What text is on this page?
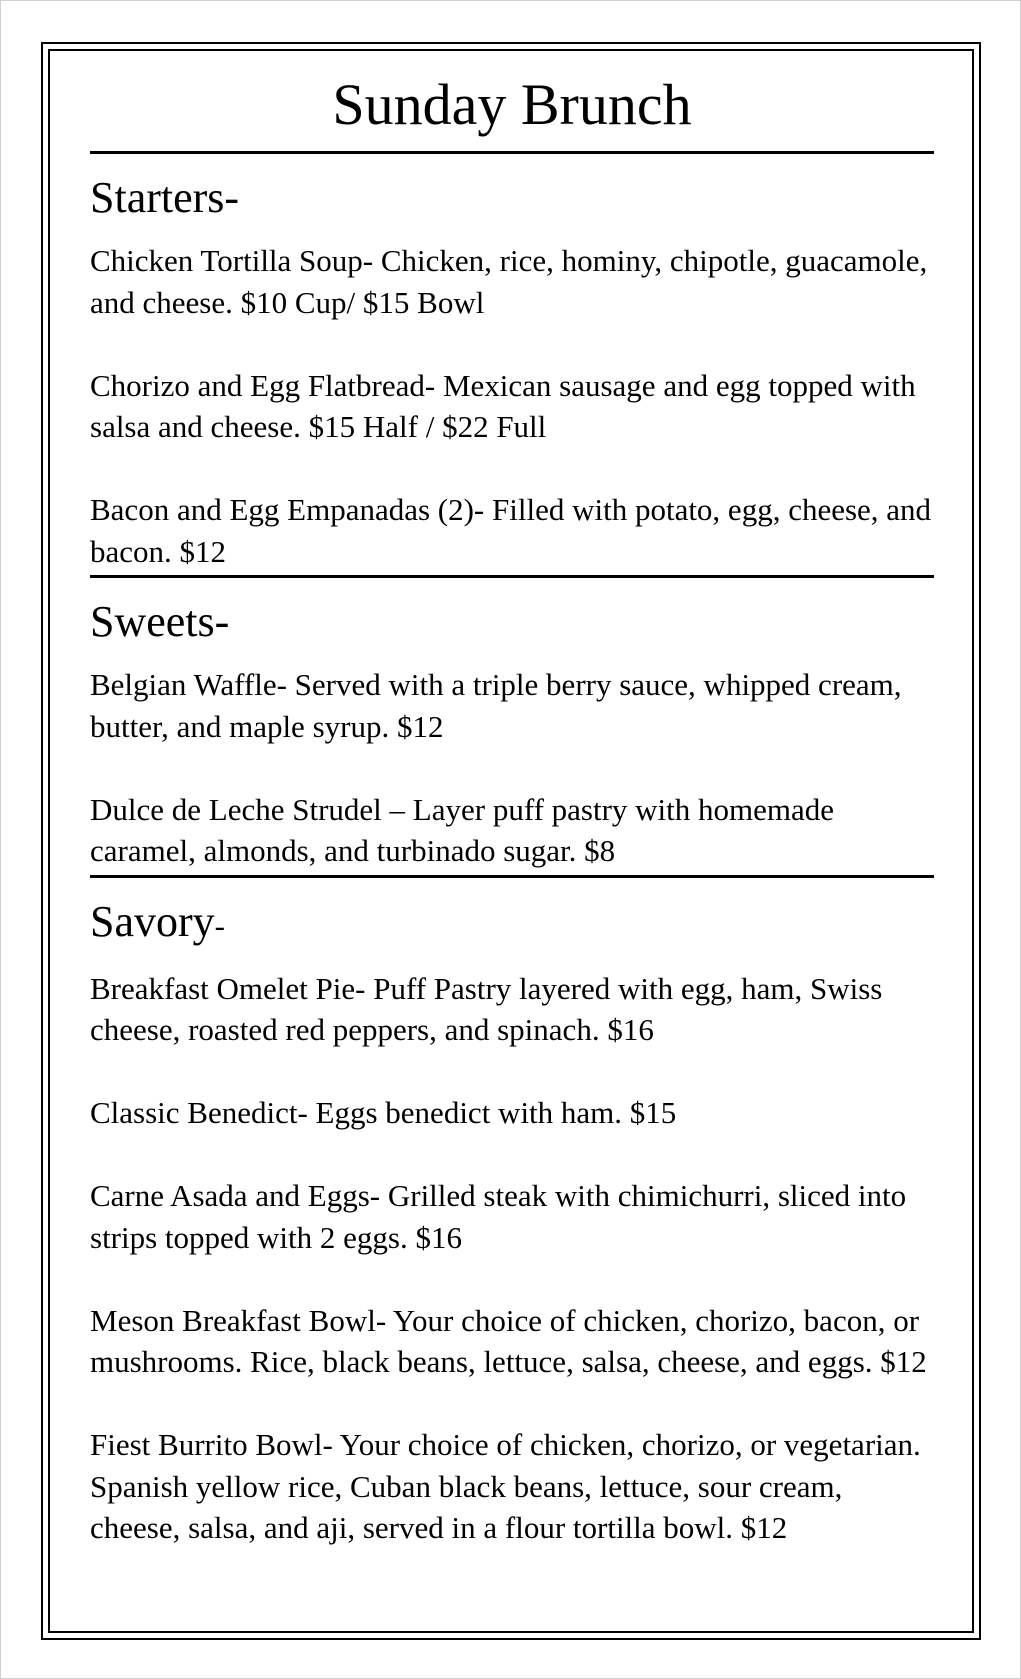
Sunday Brunch
Starters-

Chicken Tortilla Soup- Chicken, rice, hominy, chipotle, guacamole, and cheese. $10 Cup/ $15 Bowl

Chorizo and Egg Flatbread- Mexican sausage and egg topped with salsa and cheese. $15 Half / $22 Full

Bacon and Egg Empanadas (2)- Filled with potato, egg, cheese, and bacon. $12

Sweets-

Belgian Waffle- Served with a triple berry sauce, whipped cream, butter, and maple syrup. $12

Dulce de Leche Strudel – Layer puff pastry with homemade caramel, almonds, and turbinado sugar. $8

Savory-

Breakfast Omelet Pie- Puff Pastry layered with egg, ham, Swiss cheese, roasted red peppers, and spinach. $16

Classic Benedict- Eggs benedict with ham. $15

Carne Asada and Eggs- Grilled steak with chimichurri, sliced into strips topped with 2 eggs. $16

Meson Breakfast Bowl- Your choice of chicken, chorizo, bacon, or mushrooms. Rice, black beans, lettuce, salsa, cheese, and eggs. $12

Fiest Burrito Bowl- Your choice of chicken, chorizo, or vegetarian. Spanish yellow rice, Cuban black beans, lettuce, sour cream, cheese, salsa, and aji, served in a flour tortilla bowl. $12
